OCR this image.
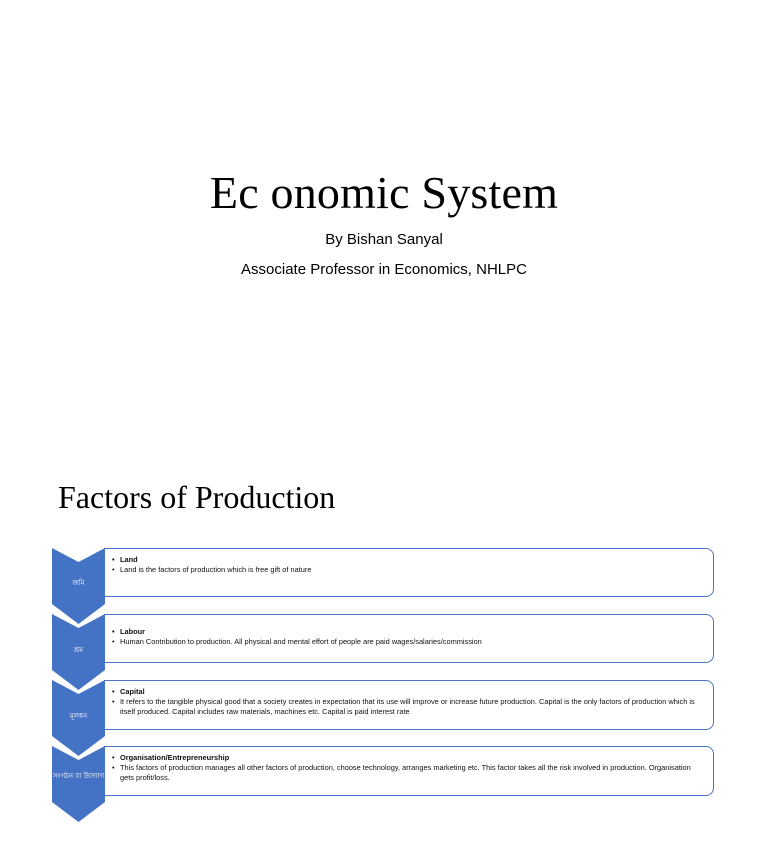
Ec onomic System
By Bishan Sanyal
Associate Professor in Economics, NHLPC
Factors of Production
• Land
• Land is the factors of production which is free gift of nature
জমি
• Labour
• Human Contribution to production. All physical and mental effort of people are paid wages/salaries/commission
শ্রম
• Capital
• It refers to the tangible physical good that a society creates in expectation that its use will improve or increase future production. Capital is the only factors of production which is itself produced. Capital includes raw materials, machines etc. Capital is paid interest rate
মূলধন
• Organisation/Entrepreneurship
• This factors of production manages all other factors of production, choose technology, arranges marketing etc. This factor takes all the risk involved in production. Organisation gets profit/loss.
সংগঠন বা উদ্যোগ
